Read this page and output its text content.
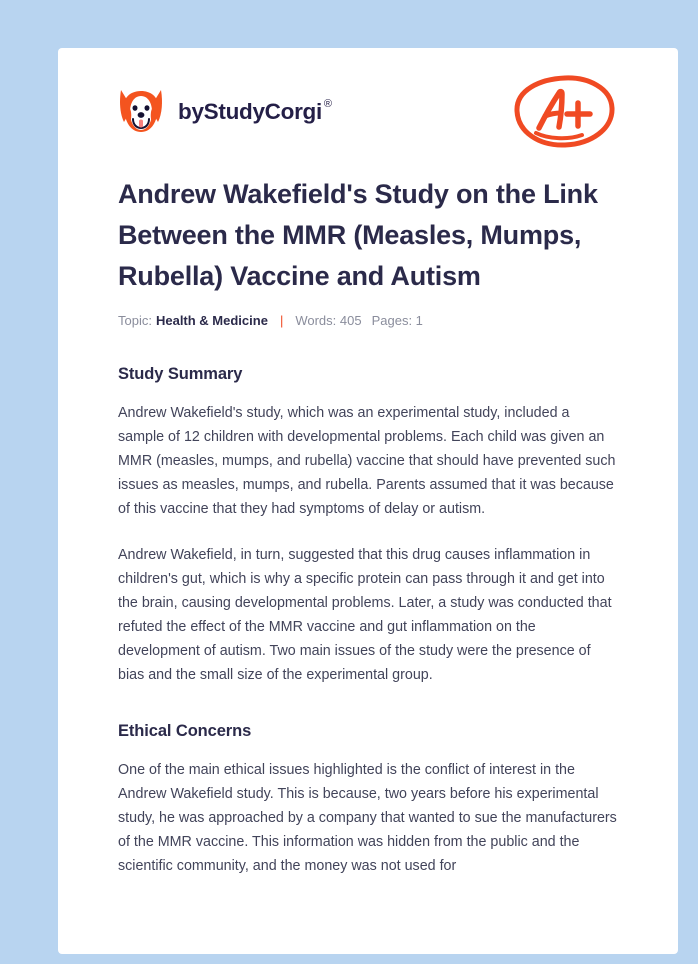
by StudyCorgi ®
Andrew Wakefield's Study on the Link Between the MMR (Measles, Mumps, Rubella) Vaccine and Autism
Topic: Health & Medicine | Words: 405 Pages: 1
Study Summary

Andrew Wakefield's study, which was an experimental study, included a sample of 12 children with developmental problems. Each child was given an MMR (measles, mumps, and rubella) vaccine that should have prevented such issues as measles, mumps, and rubella. Parents assumed that it was because of this vaccine that they had symptoms of delay or autism.

Andrew Wakefield, in turn, suggested that this drug causes inflammation in children's gut, which is why a specific protein can pass through it and get into the brain, causing developmental problems. Later, a study was conducted that refuted the effect of the MMR vaccine and gut inflammation on the development of autism. Two main issues of the study were the presence of bias and the small size of the experimental group.

Ethical Concerns

One of the main ethical issues highlighted is the conflict of interest in the Andrew Wakefield study. This is because, two years before his experimental study, he was approached by a company that wanted to sue the manufacturers of the MMR vaccine. This information was hidden from the public and the scientific community, and the money was not used for
